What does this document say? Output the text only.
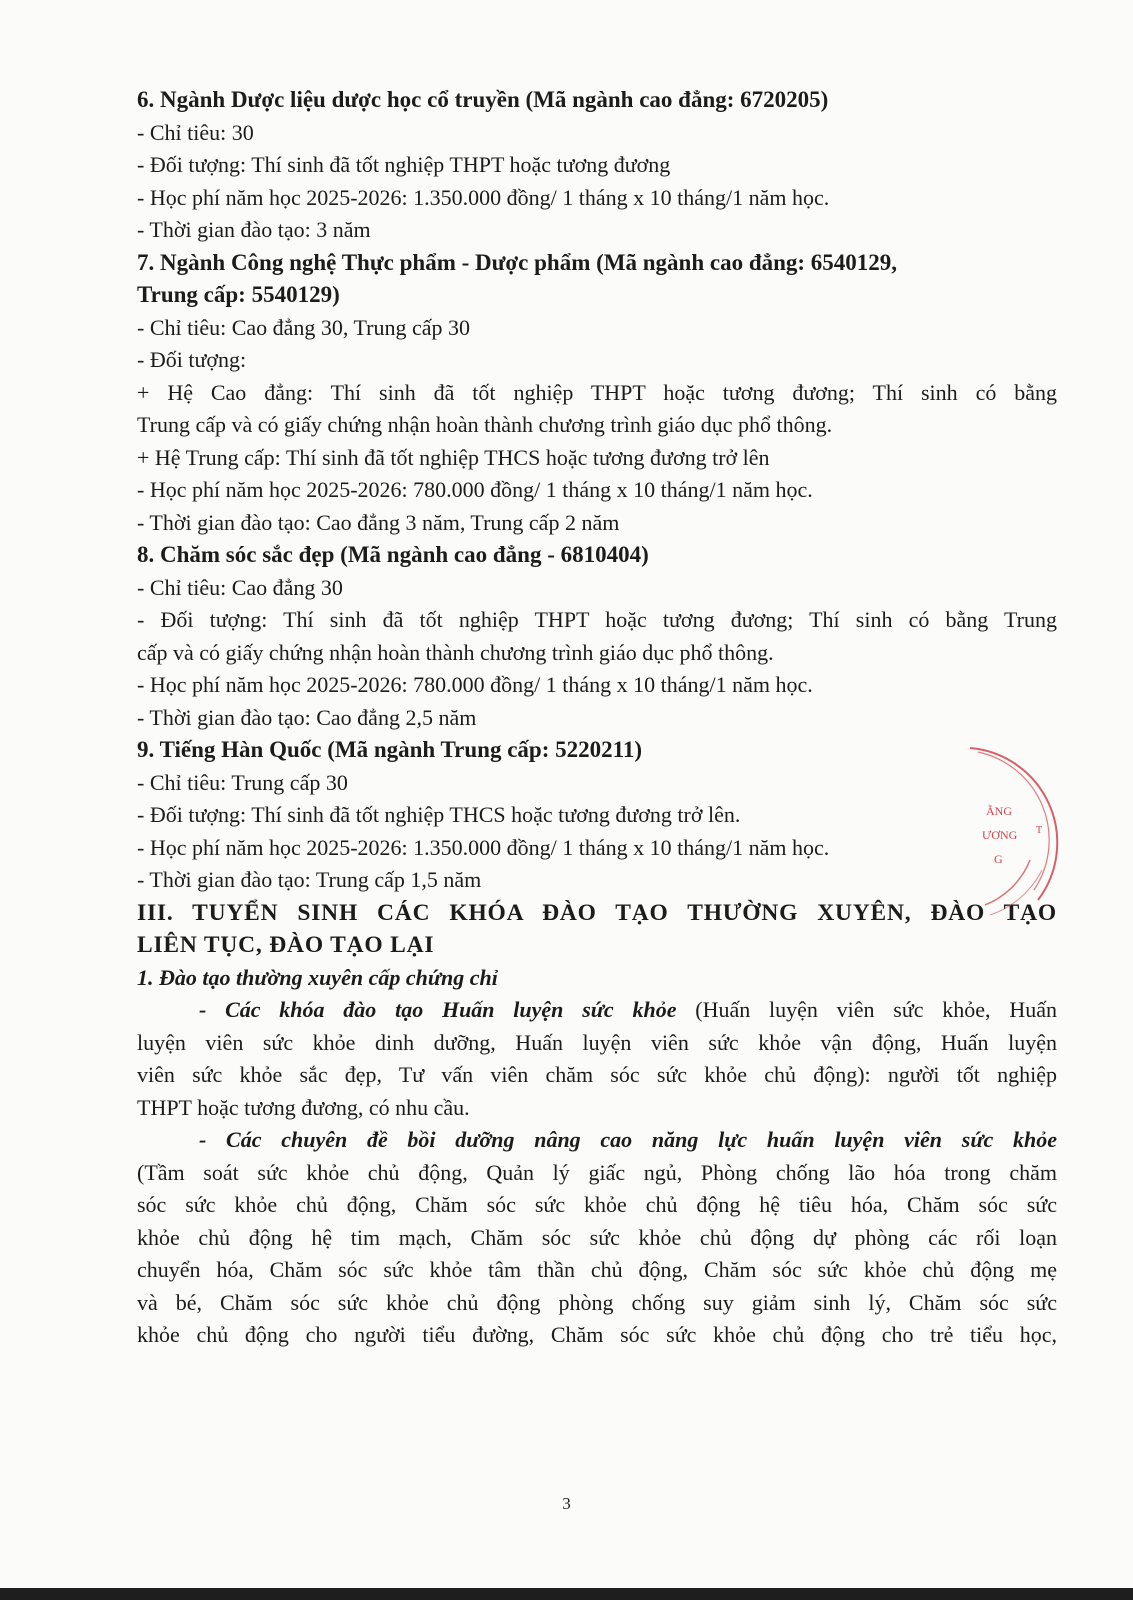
6. Ngành Dược liệu dược học cổ truyền (Mã ngành cao đẳng: 6720205)

- Chỉ tiêu: 30

- Đối tượng: Thí sinh đã tốt nghiệp THPT hoặc tương đương

- Học phí năm học 2025-2026: 1.350.000 đồng/ 1 tháng x 10 tháng/1 năm học.

- Thời gian đào tạo: 3 năm

7. Ngành Công nghệ Thực phẩm - Dược phẩm (Mã ngành cao đẳng: 6540129,

Trung cấp: 5540129)

- Chỉ tiêu: Cao đẳng 30, Trung cấp 30

- Đối tượng:

+ Hệ Cao đẳng: Thí sinh đã tốt nghiệp THPT hoặc tương đương; Thí sinh có bằng

Trung cấp và có giấy chứng nhận hoàn thành chương trình giáo dục phổ thông.

+ Hệ Trung cấp: Thí sinh đã tốt nghiệp THCS hoặc tương đương trở lên

- Học phí năm học 2025-2026: 780.000 đồng/ 1 tháng x 10 tháng/1 năm học.

- Thời gian đào tạo: Cao đẳng 3 năm, Trung cấp 2 năm

8. Chăm sóc sắc đẹp (Mã ngành cao đẳng - 6810404)

- Chỉ tiêu: Cao đẳng 30

- Đối tượng: Thí sinh đã tốt nghiệp THPT hoặc tương đương; Thí sinh có bằng Trung

cấp và có giấy chứng nhận hoàn thành chương trình giáo dục phổ thông.

- Học phí năm học 2025-2026: 780.000 đồng/ 1 tháng x 10 tháng/1 năm học.

- Thời gian đào tạo: Cao đẳng 2,5 năm

9. Tiếng Hàn Quốc (Mã ngành Trung cấp: 5220211)

- Chỉ tiêu: Trung cấp 30

- Đối tượng: Thí sinh đã tốt nghiệp THCS hoặc tương đương trở lên.

- Học phí năm học 2025-2026: 1.350.000 đồng/ 1 tháng x 10 tháng/1 năm học.

- Thời gian đào tạo: Trung cấp 1,5 năm

III. TUYỂN SINH CÁC KHÓA ĐÀO TẠO THƯỜNG XUYÊN, ĐÀO TẠO

LIÊN TỤC, ĐÀO TẠO LẠI

1. Đào tạo thường xuyên cấp chứng chỉ

- Các khóa đào tạo Huấn luyện sức khỏe (Huấn luyện viên sức khỏe, Huấn

luyện viên sức khỏe dinh dưỡng, Huấn luyện viên sức khỏe vận động, Huấn luyện

viên sức khỏe sắc đẹp, Tư vấn viên chăm sóc sức khỏe chủ động): người tốt nghiệp

THPT hoặc tương đương, có nhu cầu.

- Các chuyên đề bồi dưỡng nâng cao năng lực huấn luyện viên sức khỏe

(Tầm soát sức khỏe chủ động, Quản lý giấc ngủ, Phòng chống lão hóa trong chăm

sóc sức khỏe chủ động, Chăm sóc sức khỏe chủ động hệ tiêu hóa, Chăm sóc sức

khỏe chủ động hệ tim mạch, Chăm sóc sức khỏe chủ động dự phòng các rối loạn

chuyển hóa, Chăm sóc sức khỏe tâm thần chủ động, Chăm sóc sức khỏe chủ động mẹ

và bé, Chăm sóc sức khỏe chủ động phòng chống suy giảm sinh lý, Chăm sóc sức

khỏe chủ động cho người tiểu đường, Chăm sóc sức khỏe chủ động cho trẻ tiểu học,

ẰNG
ƯƠNG
G
T
3
